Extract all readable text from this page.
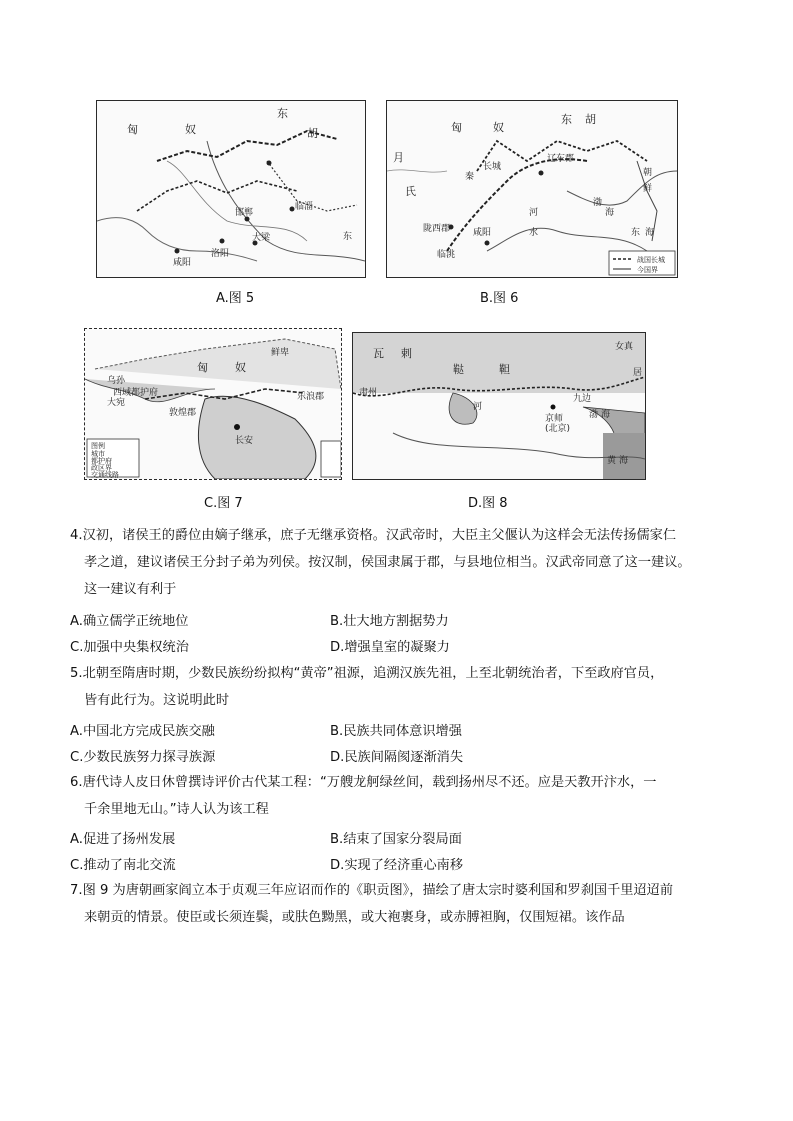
匈	奴
东
胡
邯郸
临淄
咸阳
洛阳
大梁	东
A.图 5
匈	奴
东 胡
月
氏
秦
长城
辽东郡
朝
鲜
渤
海
陇西郡	咸阳
临洮
东 海
河
水
战国长城
今国界
B.图 6
匈 奴
乌孙
大宛
鲜卑
长安
西域都护府
敦煌郡
乐浪郡
图例
城市
都护府
政区界
交通线路
C.图 7
瓦 剌
鞑	靼
京师
(北京)
九边
河
渤 海
海
黄
女真
居
肃州
D.图 8
4.汉初，诸侯王的爵位由嫡子继承，庶子无继承资格。汉武帝时，大臣主父偃认为这样会无法传扬儒家仁
孝之道，建议诸侯王分封子弟为列侯。按汉制，侯国隶属于郡，与县地位相当。汉武帝同意了这一建议。
这一建议有利于
A.确立儒学正统地位	B.壮大地方割据势力
C.加强中央集权统治	D.增强皇室的凝聚力
5.北朝至隋唐时期，少数民族纷纷拟构“黄帝”祖源，追溯汉族先祖，上至北朝统治者，下至政府官员，
皆有此行为。这说明此时
A.中国北方完成民族交融	B.民族共同体意识增强
C.少数民族努力探寻族源	D.民族间隔阂逐渐消失
6.唐代诗人皮日休曾撰诗评价古代某工程：“万艘龙舸绿丝间，载到扬州尽不还。应是天教开汴水，一
千余里地无山。”诗人认为该工程
A.促进了扬州发展	B.结束了国家分裂局面
C.推动了南北交流	D.实现了经济重心南移
7.图 9 为唐朝画家阎立本于贞观三年应诏而作的《职贡图》，描绘了唐太宗时婆利国和罗刹国千里迢迢前
来朝贡的情景。使臣或长须连鬓，或肤色黝黑，或大袍裹身，或赤膊袒胸，仅围短裙。该作品
